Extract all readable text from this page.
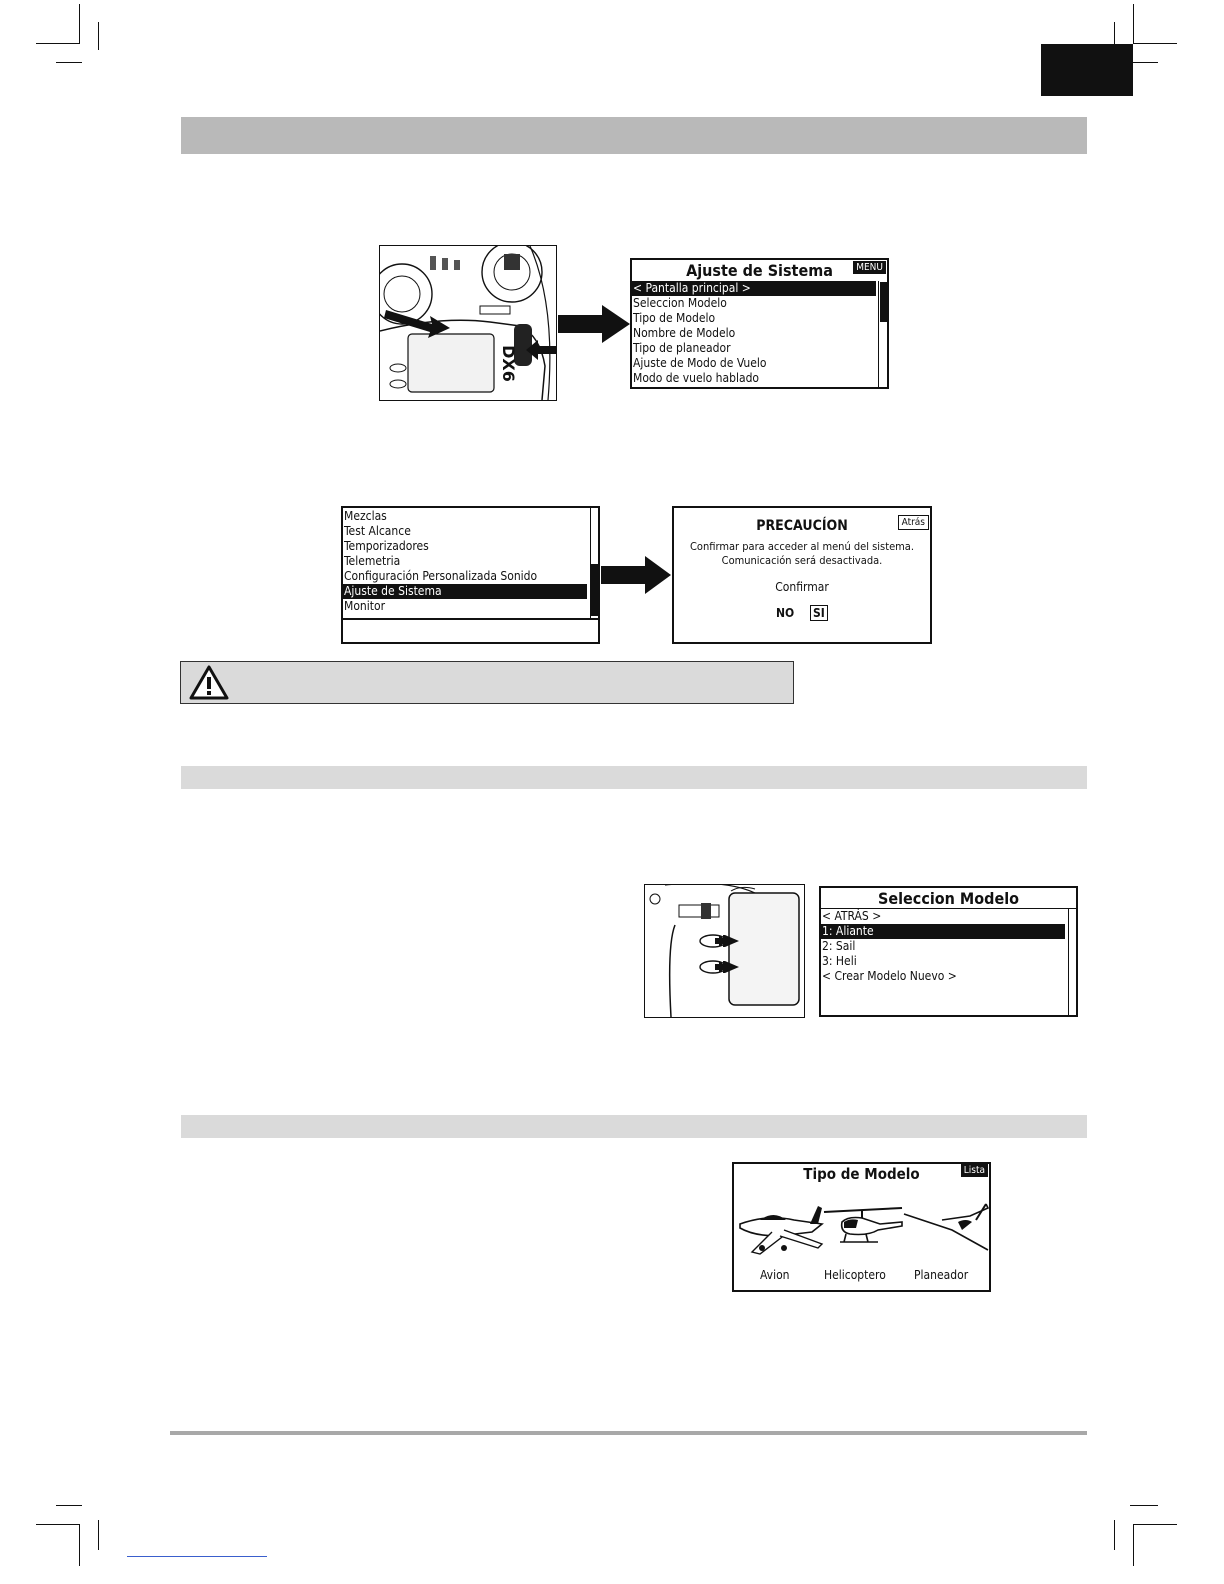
DX6
Ajuste de Sistema	MENU
< Pantalla principal >
Seleccion Modelo
Tipo de Modelo
Nombre de Modelo
Tipo de planeador
Ajuste de Modo de Vuelo
Modo de vuelo hablado
Mezclas
Test Alcance
Temporizadores
Telemetria
Configuración Personalizada Sonido
Ajuste de Sistema
Monitor
Atrás
PRECAUCÍON
Confirmar para acceder al menú del sistema.
Comunicación será desactivada.
Confirmar
NO SI
Seleccion Modelo
< ATRÁS >
1: Aliante
2: Sail
3: Heli
< Crear Modelo Nuevo >
Tipo de Modelo	Lista
Avion	Helicoptero Planeador
